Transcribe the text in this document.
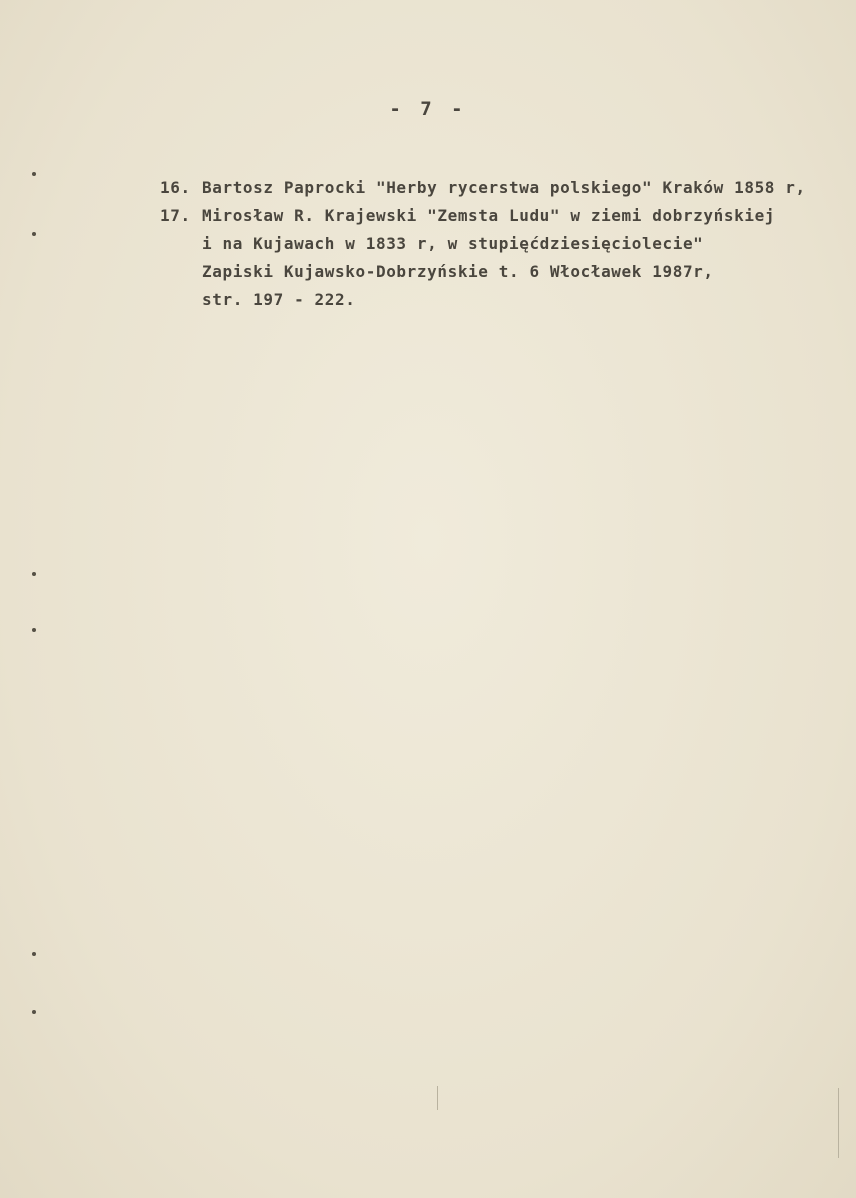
- 7 -
16. Bartosz Paprocki "Herby rycerstwa polskiego" Kraków 1858 r,
17. Mirosław R. Krajewski "Zemsta Ludu" w ziemi dobrzyńskiej
i na Kujawach w 1833 r, w stupięćdziesięciolecie"
Zapiski Kujawsko-Dobrzyńskie t. 6 Włocławek 1987r,
str. 197 - 222.
